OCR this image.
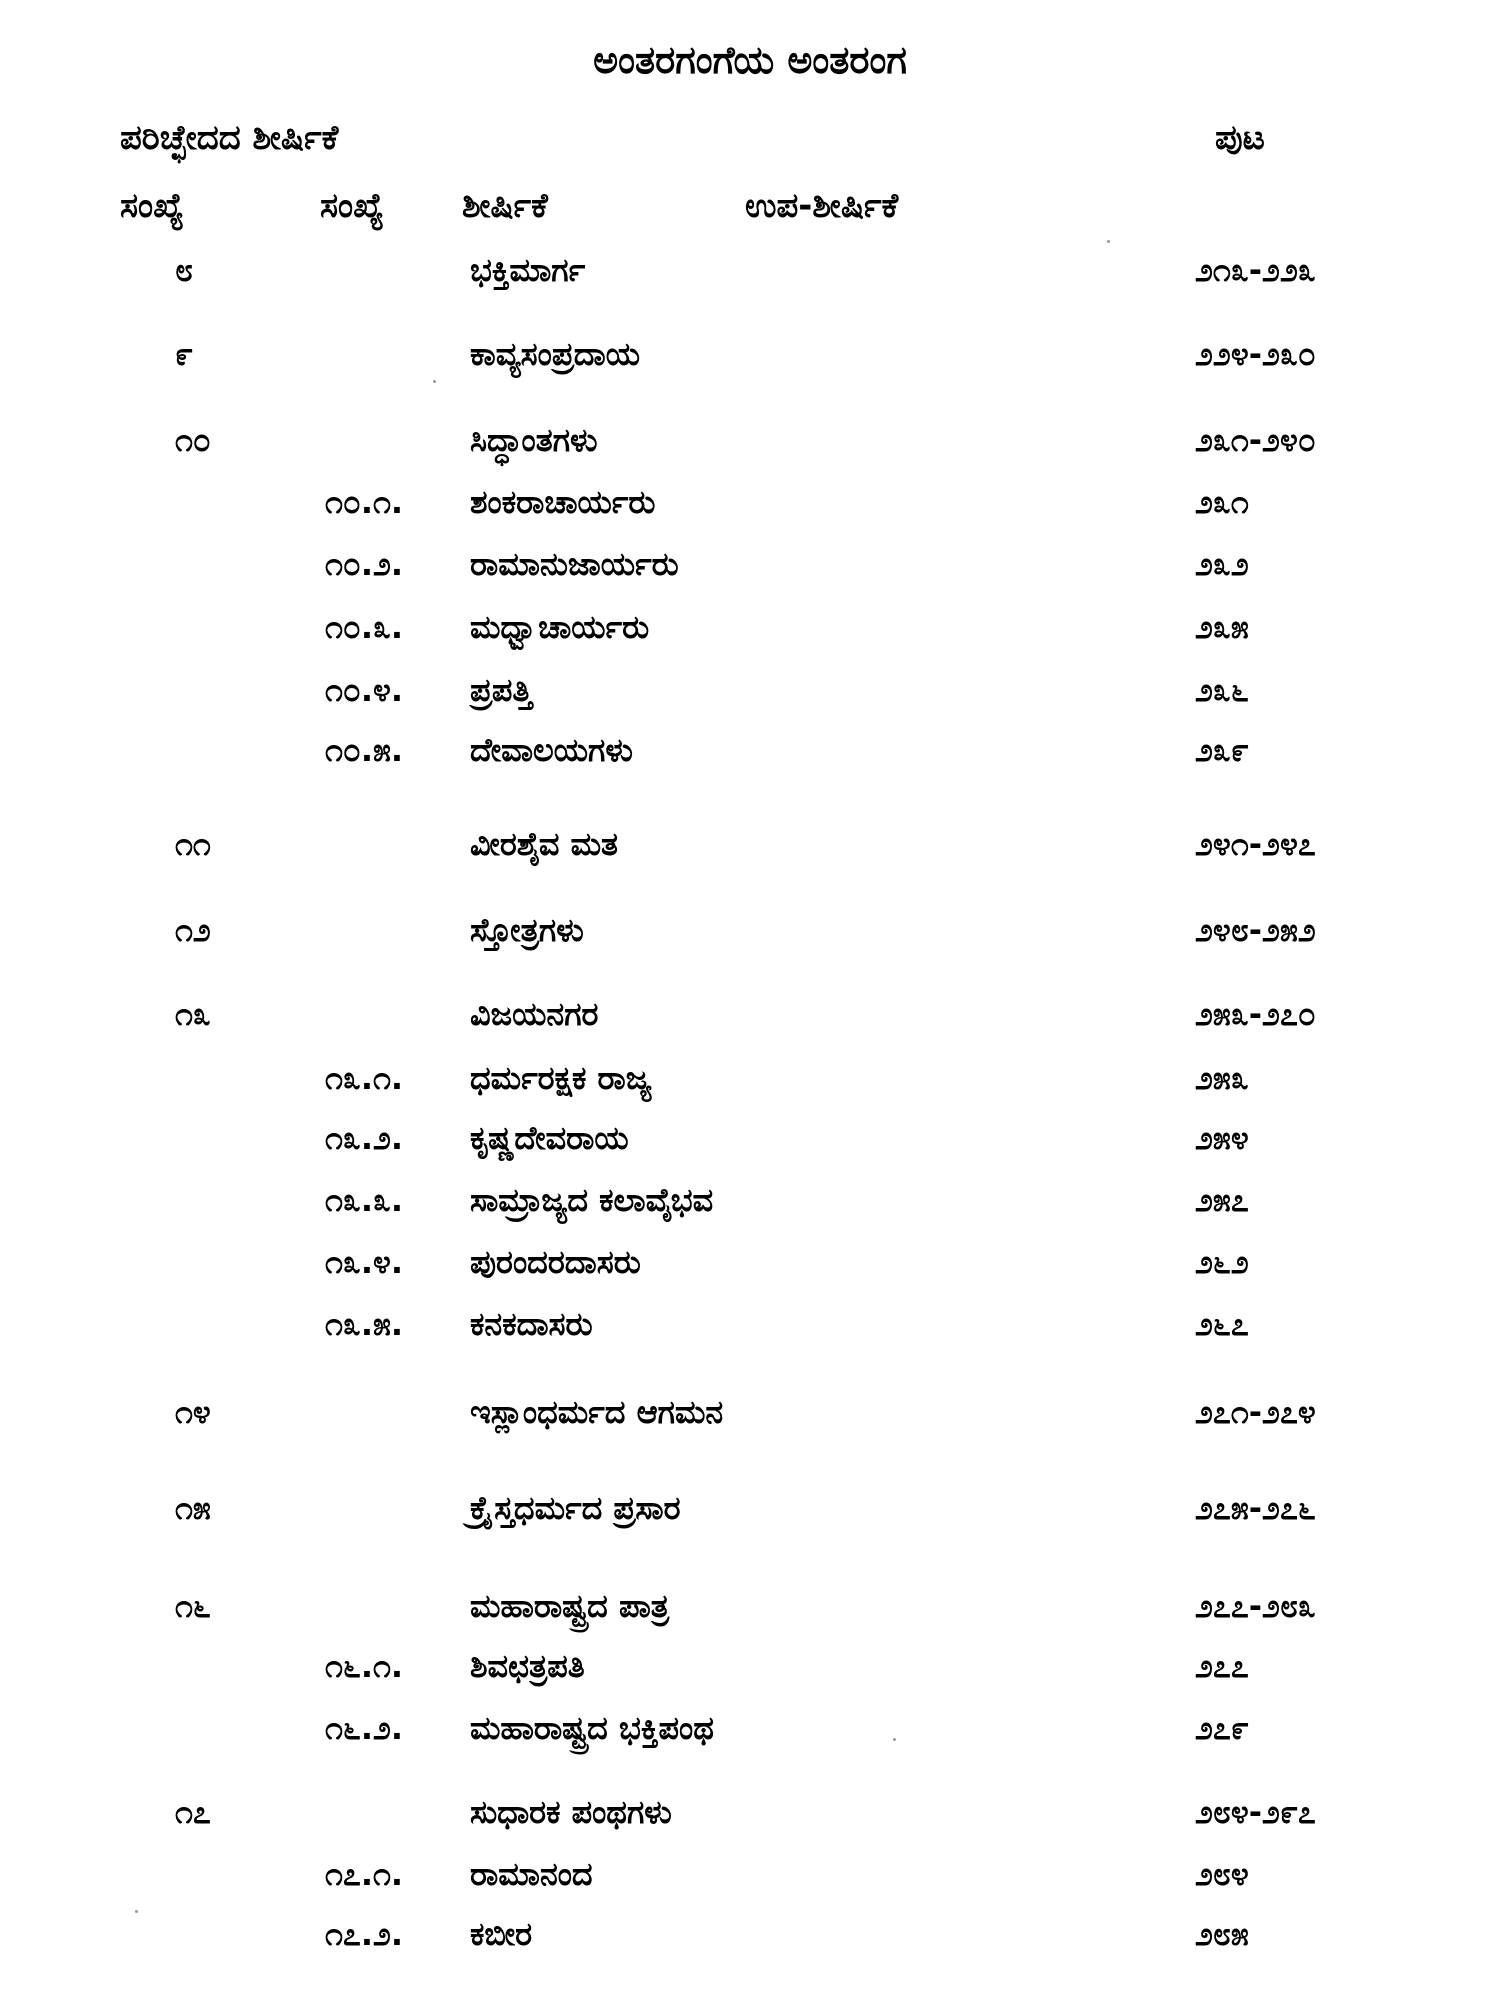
ಅಂತರಗಂಗೆಯ ಅಂತರಂಗ
ಪರಿಚ್ಛೇದದ ಶೀರ್ಷಿಕೆ	ಪುಟ
ಸಂಖ್ಯೆ	ಸಂಖ್ಯೆ ಶೀರ್ಷಿಕೆ	ಉಪ-ಶೀರ್ಷಿಕೆ
೮	ಭಕ್ತಿಮಾರ್ಗ	೨೧೩-೨೨೩
೯	ಕಾವ್ಯಸಂಪ್ರದಾಯ	೨೨೪-೨೩೦
೧೦	ಸಿದ್ಧಾಂತಗಳು	೨೩೧-೨೪೦
೧೦.೧. ಶಂಕರಾಚಾರ್ಯರು	೨೩೧
೧೦.೨. ರಾಮಾನುಜಾರ್ಯರು	೨೩೨
೧೦.೩. ಮಧ್ವಾಚಾರ್ಯರು	೨೩೫
೧೦.೪. ಪ್ರಪತ್ತಿ	೨೩೬
೧೦.೫. ದೇವಾಲಯಗಳು	೨೩೯
೧೧	ವೀರಶೈವ ಮತ	೨೪೧-೨೪೭
೧೨	ಸ್ತೋತ್ರಗಳು	೨೪೮-೨೫೨
೧೩	ವಿಜಯನಗರ	೨೫೩-೨೭೦
೧೩.೧. ಧರ್ಮರಕ್ಷಕ ರಾಜ್ಯ	೨೫೩
೧೩.೨. ಕೃಷ್ಣದೇವರಾಯ	೨೫೪
೧೩.೩. ಸಾಮ್ರಾಜ್ಯದ ಕಲಾವೈಭವ	೨೫೭
೧೩.೪. ಪುರಂದರದಾಸರು	೨೬೨
೧೩.೫. ಕನಕದಾಸರು	೨೬೭
೧೪	ಇಸ್ಲಾಂಧರ್ಮದ ಆಗಮನ	೨೭೧-೨೭೪
೧೫	ಕ್ರೈಸ್ತಧರ್ಮದ ಪ್ರಸಾರ	೨೭೫-೨೭೬
೧೬	ಮಹಾರಾಷ್ಟ್ರದ ಪಾತ್ರ	೨೭೭-೨೮೩
೧೬.೧. ಶಿವಛತ್ರಪತಿ	೨೭೭
೧೬.೨. ಮಹಾರಾಷ್ಟ್ರದ ಭಕ್ತಿಪಂಥ	೨೭೯
೧೭	ಸುಧಾರಕ ಪಂಥಗಳು	೨೮೪-೨೯೭
೧೭.೧. ರಾಮಾನಂದ	೨೮೪
೧೭.೨. ಕಬೀರ	೨೮೫
